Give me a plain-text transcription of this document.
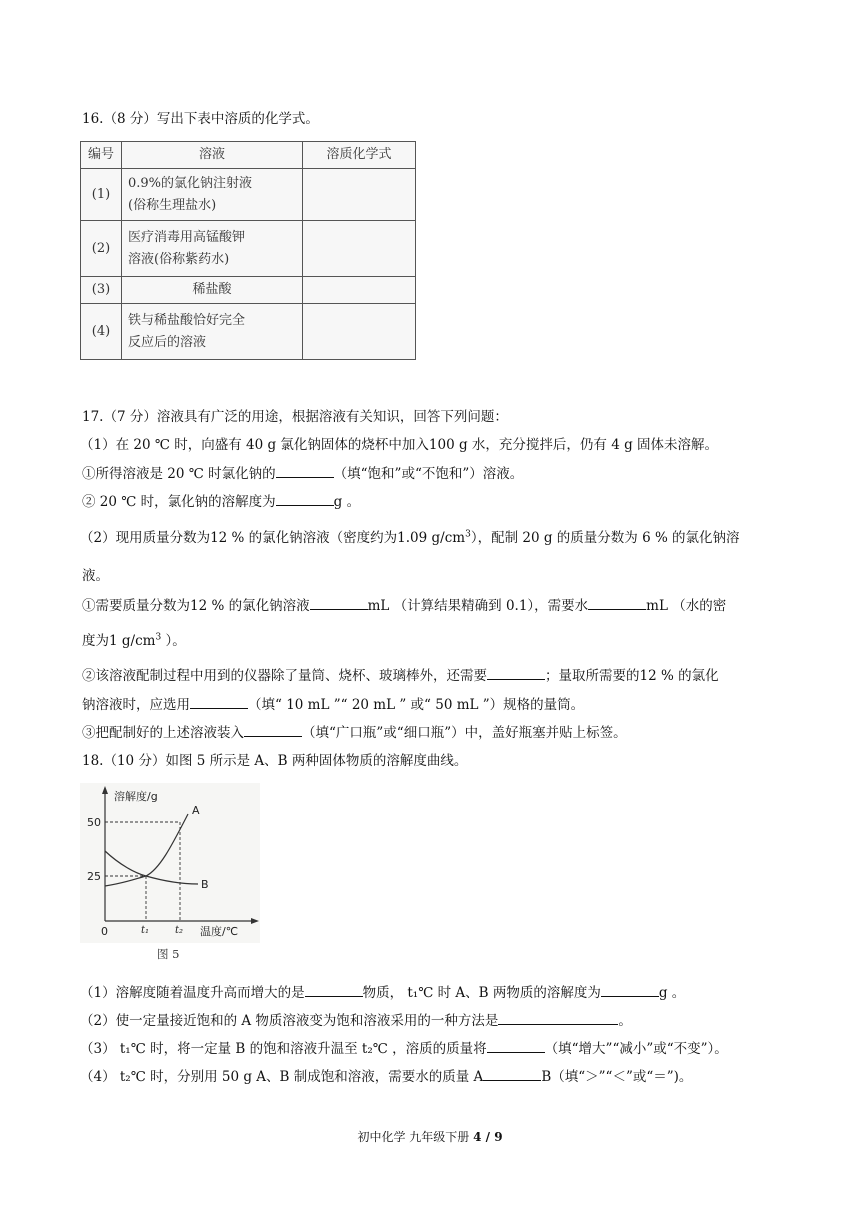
16.（8 分）写出下表中溶质的化学式。
编号	溶液	溶质化学式
(1)	0.9%的氯化钠注射液
(俗称生理盐水)	

(2)	医疗消毒用高锰酸钾
溶液(俗称紫药水)	

(3)	稀盐酸	

(4)	铁与稀盐酸恰好完全
反应后的溶液	

17.（7 分）溶液具有广泛的用途，根据溶液有关知识，回答下列问题：
（1）在 20 ℃ 时，向盛有 40 g 氯化钠固体的烧杯中加入100 g 水，充分搅拌后，仍有 4 g 固体未溶解。
①所得溶液是 20 ℃ 时氯化钠的	（填“饱和”或“不饱和”）溶液。
② 20 ℃ 时，氯化钠的溶解度为	g 。
（2）现用质量分数为12 % 的氯化钠溶液（密度约为1.09 $g/cm^3$），配制 20 g 的质量分数为 6 % 的氯化钠溶
液。
①需要质量分数为12 % 的氯化钠溶液	mL （计算结果精确到 0.1），需要水	mL （水的密
度为1 $g/cm^3$ ）。
②该溶液配制过程中用到的仪器除了量筒、烧杯、玻璃棒外，还需要	；量取所需要的12 % 的氯化
钠溶液时，应选用	（填“ 10 mL ”“ 20 mL ” 或“ 50 mL ”）规格的量筒。
③把配制好的上述溶液装入	（填“广口瓶”或“细口瓶”）中，盖好瓶塞并贴上标签。
18.（10 分）如图 5 所示是 A、B 两种固体物质的溶解度曲线。
溶解度/g
50
25
0	t₁	t₂ 温度/℃
A
B
图 5
（1）溶解度随着温度升高而增大的是	物质， t₁℃ 时 A、B 两物质的溶解度为	g 。
（2）使一定量接近饱和的 A 物质溶液变为饱和溶液采用的一种方法是	。
（3） t₁℃ 时，将一定量 B 的饱和溶液升温至 t₂℃ ，溶质的质量将	（填“增大”“减小”或“不变”）。
（4） t₂℃ 时，分别用 50 g A、B 制成饱和溶液，需要水的质量 A	B（填“＞”“＜”或“＝”)。
初中化学 九年级下册 4 / 9
